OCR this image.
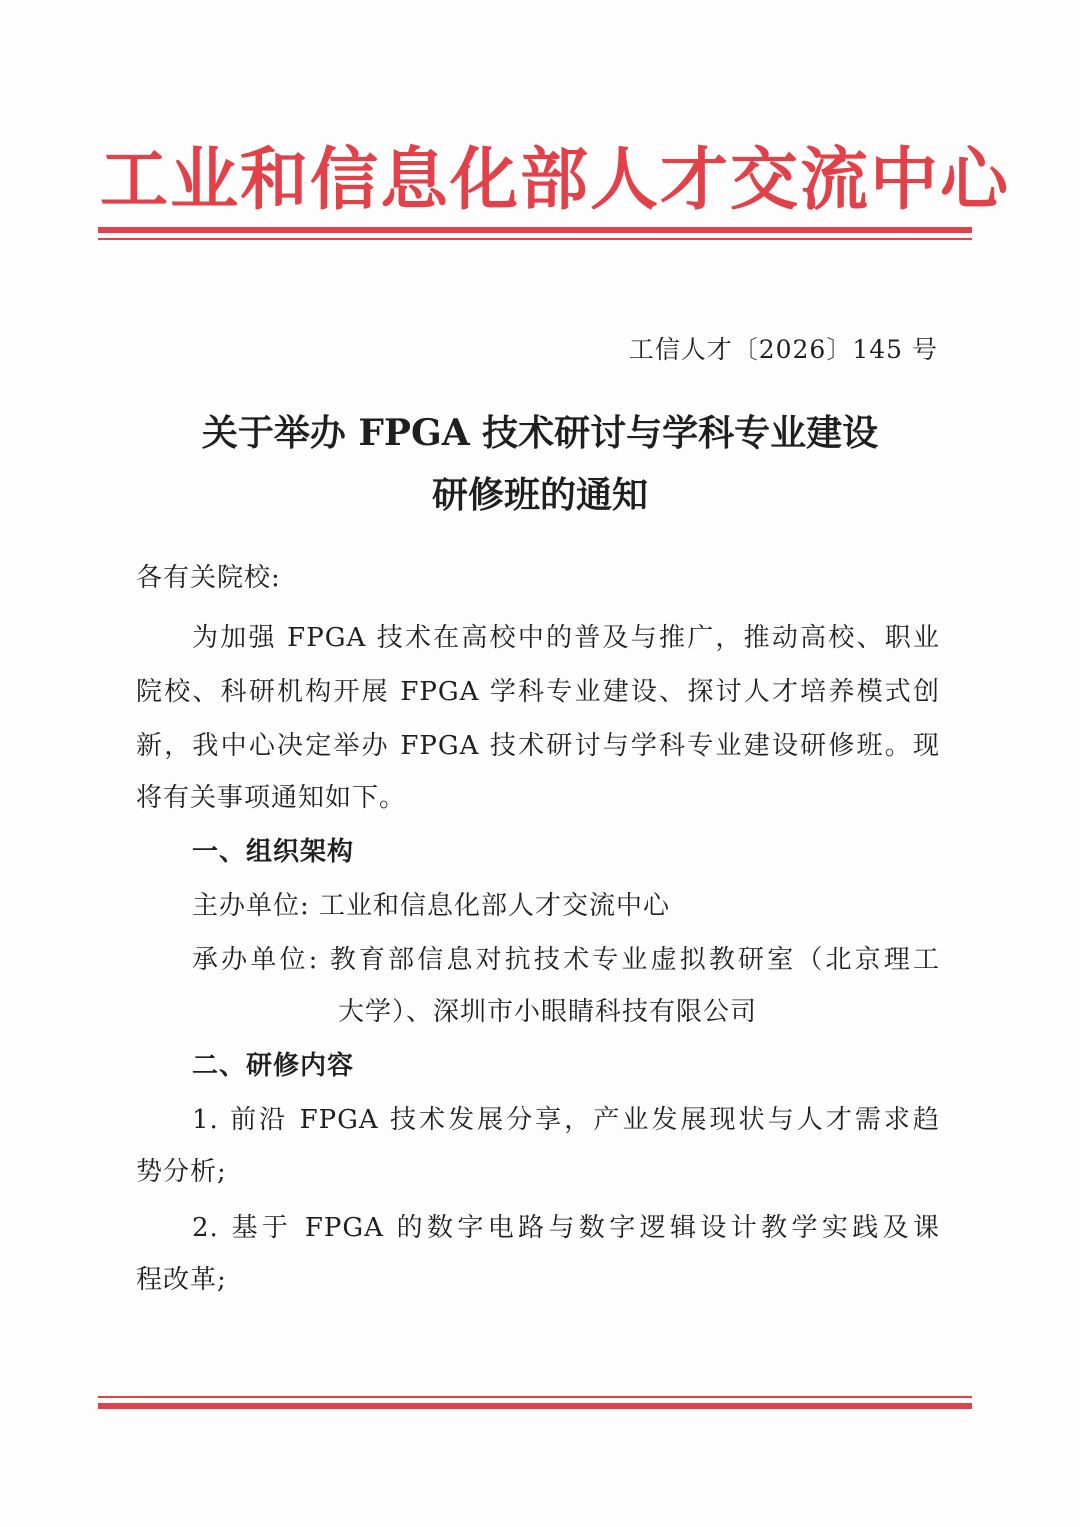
工业和信息化部人才交流中心
工信人才〔2026〕145 号
关于举办 FPGA 技术研讨与学科专业建设
研修班的通知
各有关院校:
为加强 FPGA 技术在高校中的普及与推广，推动高校、职业
院校、科研机构开展 FPGA 学科专业建设、探讨人才培养模式创
新，我中心决定举办 FPGA 技术研讨与学科专业建设研修班。现
将有关事项通知如下。
一、组织架构
主办单位: 工业和信息化部人才交流中心
承办单位: 教育部信息对抗技术专业虚拟教研室（北京理工
大学）、深圳市小眼睛科技有限公司
二、研修内容
1. 前沿 FPGA 技术发展分享，产业发展现状与人才需求趋
势分析;
2. 基于 FPGA 的数字电路与数字逻辑设计教学实践及课
程改革;
